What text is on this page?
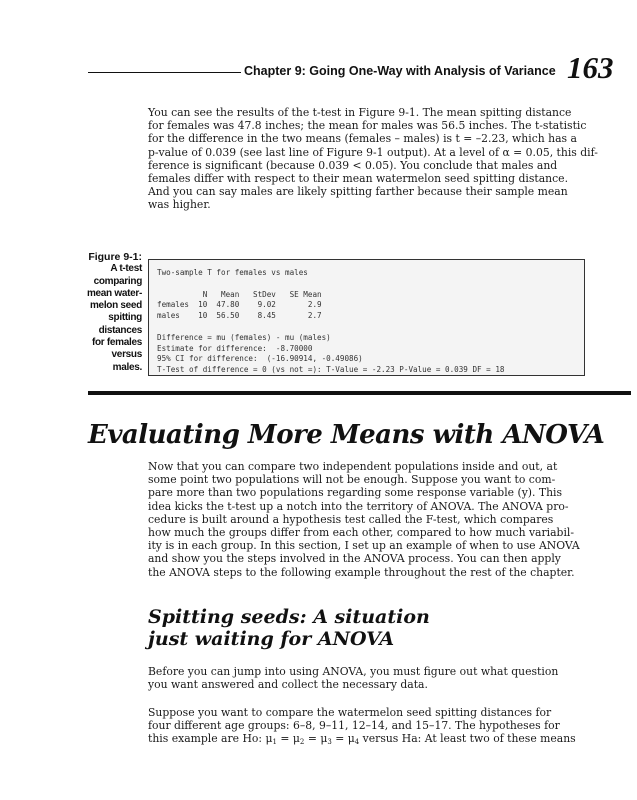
Chapter 9: Going One-Way with Analysis of Variance 163
You can see the results of the t-test in Figure 9-1. The mean spitting distance
for females was 47.8 inches; the mean for males was 56.5 inches. The t-statistic
for the difference in the two means (females – males) is t = –2.23, which has a
p-value of 0.039 (see last line of Figure 9-1 output). At a level of α = 0.05, this dif-
ference is significant (because 0.039 < 0.05). You conclude that males and
females differ with respect to their mean watermelon seed spitting distance.
And you can say males are likely spitting farther because their sample mean
was higher.
Figure 9-1:
A t-test
comparing
mean water-
melon seed
spitting
distances
for females
versus
males.
Two-sample T for females vs males

N   Mean   StDev   SE Mean
females  10  47.80    9.02       2.9
males    10  56.50    8.45       2.7

Difference = mu (females) - mu (males)
Estimate for difference:  -8.70000
95% CI for difference:  (-16.90914, -0.49086)
T-Test of difference = 0 (vs not =): T-Value = -2.23 P-Value = 0.039 DF = 18
Evaluating More Means with ANOVA
Now that you can compare two independent populations inside and out, at
some point two populations will not be enough. Suppose you want to com-
pare more than two populations regarding some response variable (y). This
idea kicks the t-test up a notch into the territory of ANOVA. The ANOVA pro-
cedure is built around a hypothesis test called the F-test, which compares
how much the groups differ from each other, compared to how much variabil-
ity is in each group. In this section, I set up an example of when to use ANOVA
and show you the steps involved in the ANOVA process. You can then apply
the ANOVA steps to the following example throughout the rest of the chapter.
Spitting seeds: A situation
just waiting for ANOVA
Before you can jump into using ANOVA, you must figure out what question
you want answered and collect the necessary data.
Suppose you want to compare the watermelon seed spitting distances for
four different age groups: 6–8, 9–11, 12–14, and 15–17. The hypotheses for
this example are Ho: $\mu_1 = \mu_2 = \mu_3 = \mu_4$ versus Ha: At least two of these means
